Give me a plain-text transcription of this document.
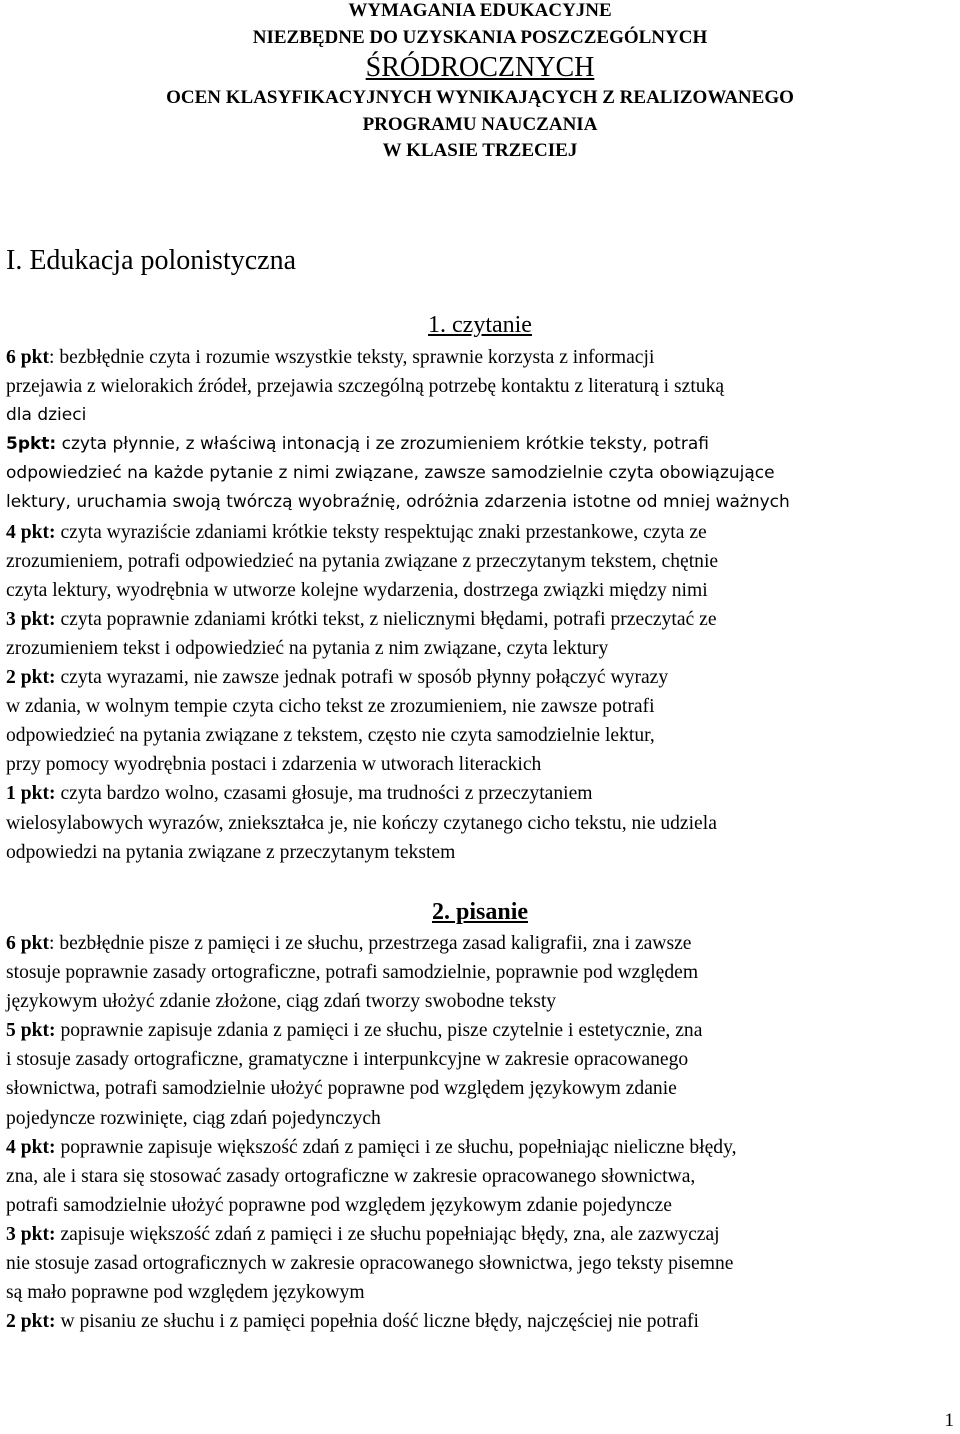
WYMAGANIA EDUKACYJNE
NIEZBĘDNE DO UZYSKANIA POSZCZEGÓLNYCH
ŚRÓDROCZNYCH
OCEN KLASYFIKACYJNYCH WYNIKAJĄCYCH Z REALIZOWANEGO
PROGRAMU NAUCZANIA
W KLASIE TRZECIEJ
I. Edukacja polonistyczna
1. czytanie
6 pkt: bezbłędnie czyta i rozumie wszystkie teksty, sprawnie korzysta z informacji
przejawia z wielorakich źródeł, przejawia szczególną potrzebę kontaktu z literaturą i sztuką
dla dzieci
5pkt: czyta płynnie, z właściwą intonacją i ze zrozumieniem krótkie teksty, potrafi
odpowiedzieć na każde pytanie z nimi związane, zawsze samodzielnie czyta obowiązujące
lektury, uruchamia swoją twórczą wyobraźnię, odróżnia zdarzenia istotne od mniej ważnych
4 pkt: czyta wyraziście zdaniami krótkie teksty respektując znaki przestankowe, czyta ze
zrozumieniem, potrafi odpowiedzieć na pytania związane z przeczytanym tekstem, chętnie
czyta lektury, wyodrębnia w utworze kolejne wydarzenia, dostrzega związki między nimi
3 pkt: czyta poprawnie zdaniami krótki tekst, z nielicznymi błędami, potrafi przeczytać ze
zrozumieniem tekst i odpowiedzieć na pytania z nim związane, czyta lektury
2 pkt: czyta wyrazami, nie zawsze jednak potrafi w sposób płynny połączyć wyrazy
w zdania, w wolnym tempie czyta cicho tekst ze zrozumieniem, nie zawsze potrafi
odpowiedzieć na pytania związane z tekstem, często nie czyta samodzielnie lektur,
przy pomocy wyodrębnia postaci i zdarzenia w utworach literackich
1 pkt: czyta bardzo wolno, czasami głosuje, ma trudności z przeczytaniem
wielosylabowych wyrazów, zniekształca je, nie kończy czytanego cicho tekstu, nie udziela
odpowiedzi na pytania związane z przeczytanym tekstem
2. pisanie
6 pkt: bezbłędnie pisze z pamięci i ze słuchu, przestrzega zasad kaligrafii, zna i zawsze
stosuje poprawnie zasady ortograficzne, potrafi samodzielnie, poprawnie pod względem
językowym ułożyć zdanie złożone, ciąg zdań tworzy swobodne teksty
5 pkt: poprawnie zapisuje zdania z pamięci i ze słuchu, pisze czytelnie i estetycznie, zna
i stosuje zasady ortograficzne, gramatyczne i interpunkcyjne w zakresie opracowanego
słownictwa, potrafi samodzielnie ułożyć poprawne pod względem językowym zdanie
pojedyncze rozwinięte, ciąg zdań pojedynczych
4 pkt: poprawnie zapisuje większość zdań z pamięci i ze słuchu, popełniając nieliczne błędy,
zna, ale i stara się stosować zasady ortograficzne w zakresie opracowanego słownictwa,
potrafi samodzielnie ułożyć poprawne pod względem językowym zdanie pojedyncze
3 pkt: zapisuje większość zdań z pamięci i ze słuchu popełniając błędy, zna, ale zazwyczaj
nie stosuje zasad ortograficznych w zakresie opracowanego słownictwa, jego teksty pisemne
są mało poprawne pod względem językowym
2 pkt: w pisaniu ze słuchu i z pamięci popełnia dość liczne błędy, najczęściej nie potrafi
1
